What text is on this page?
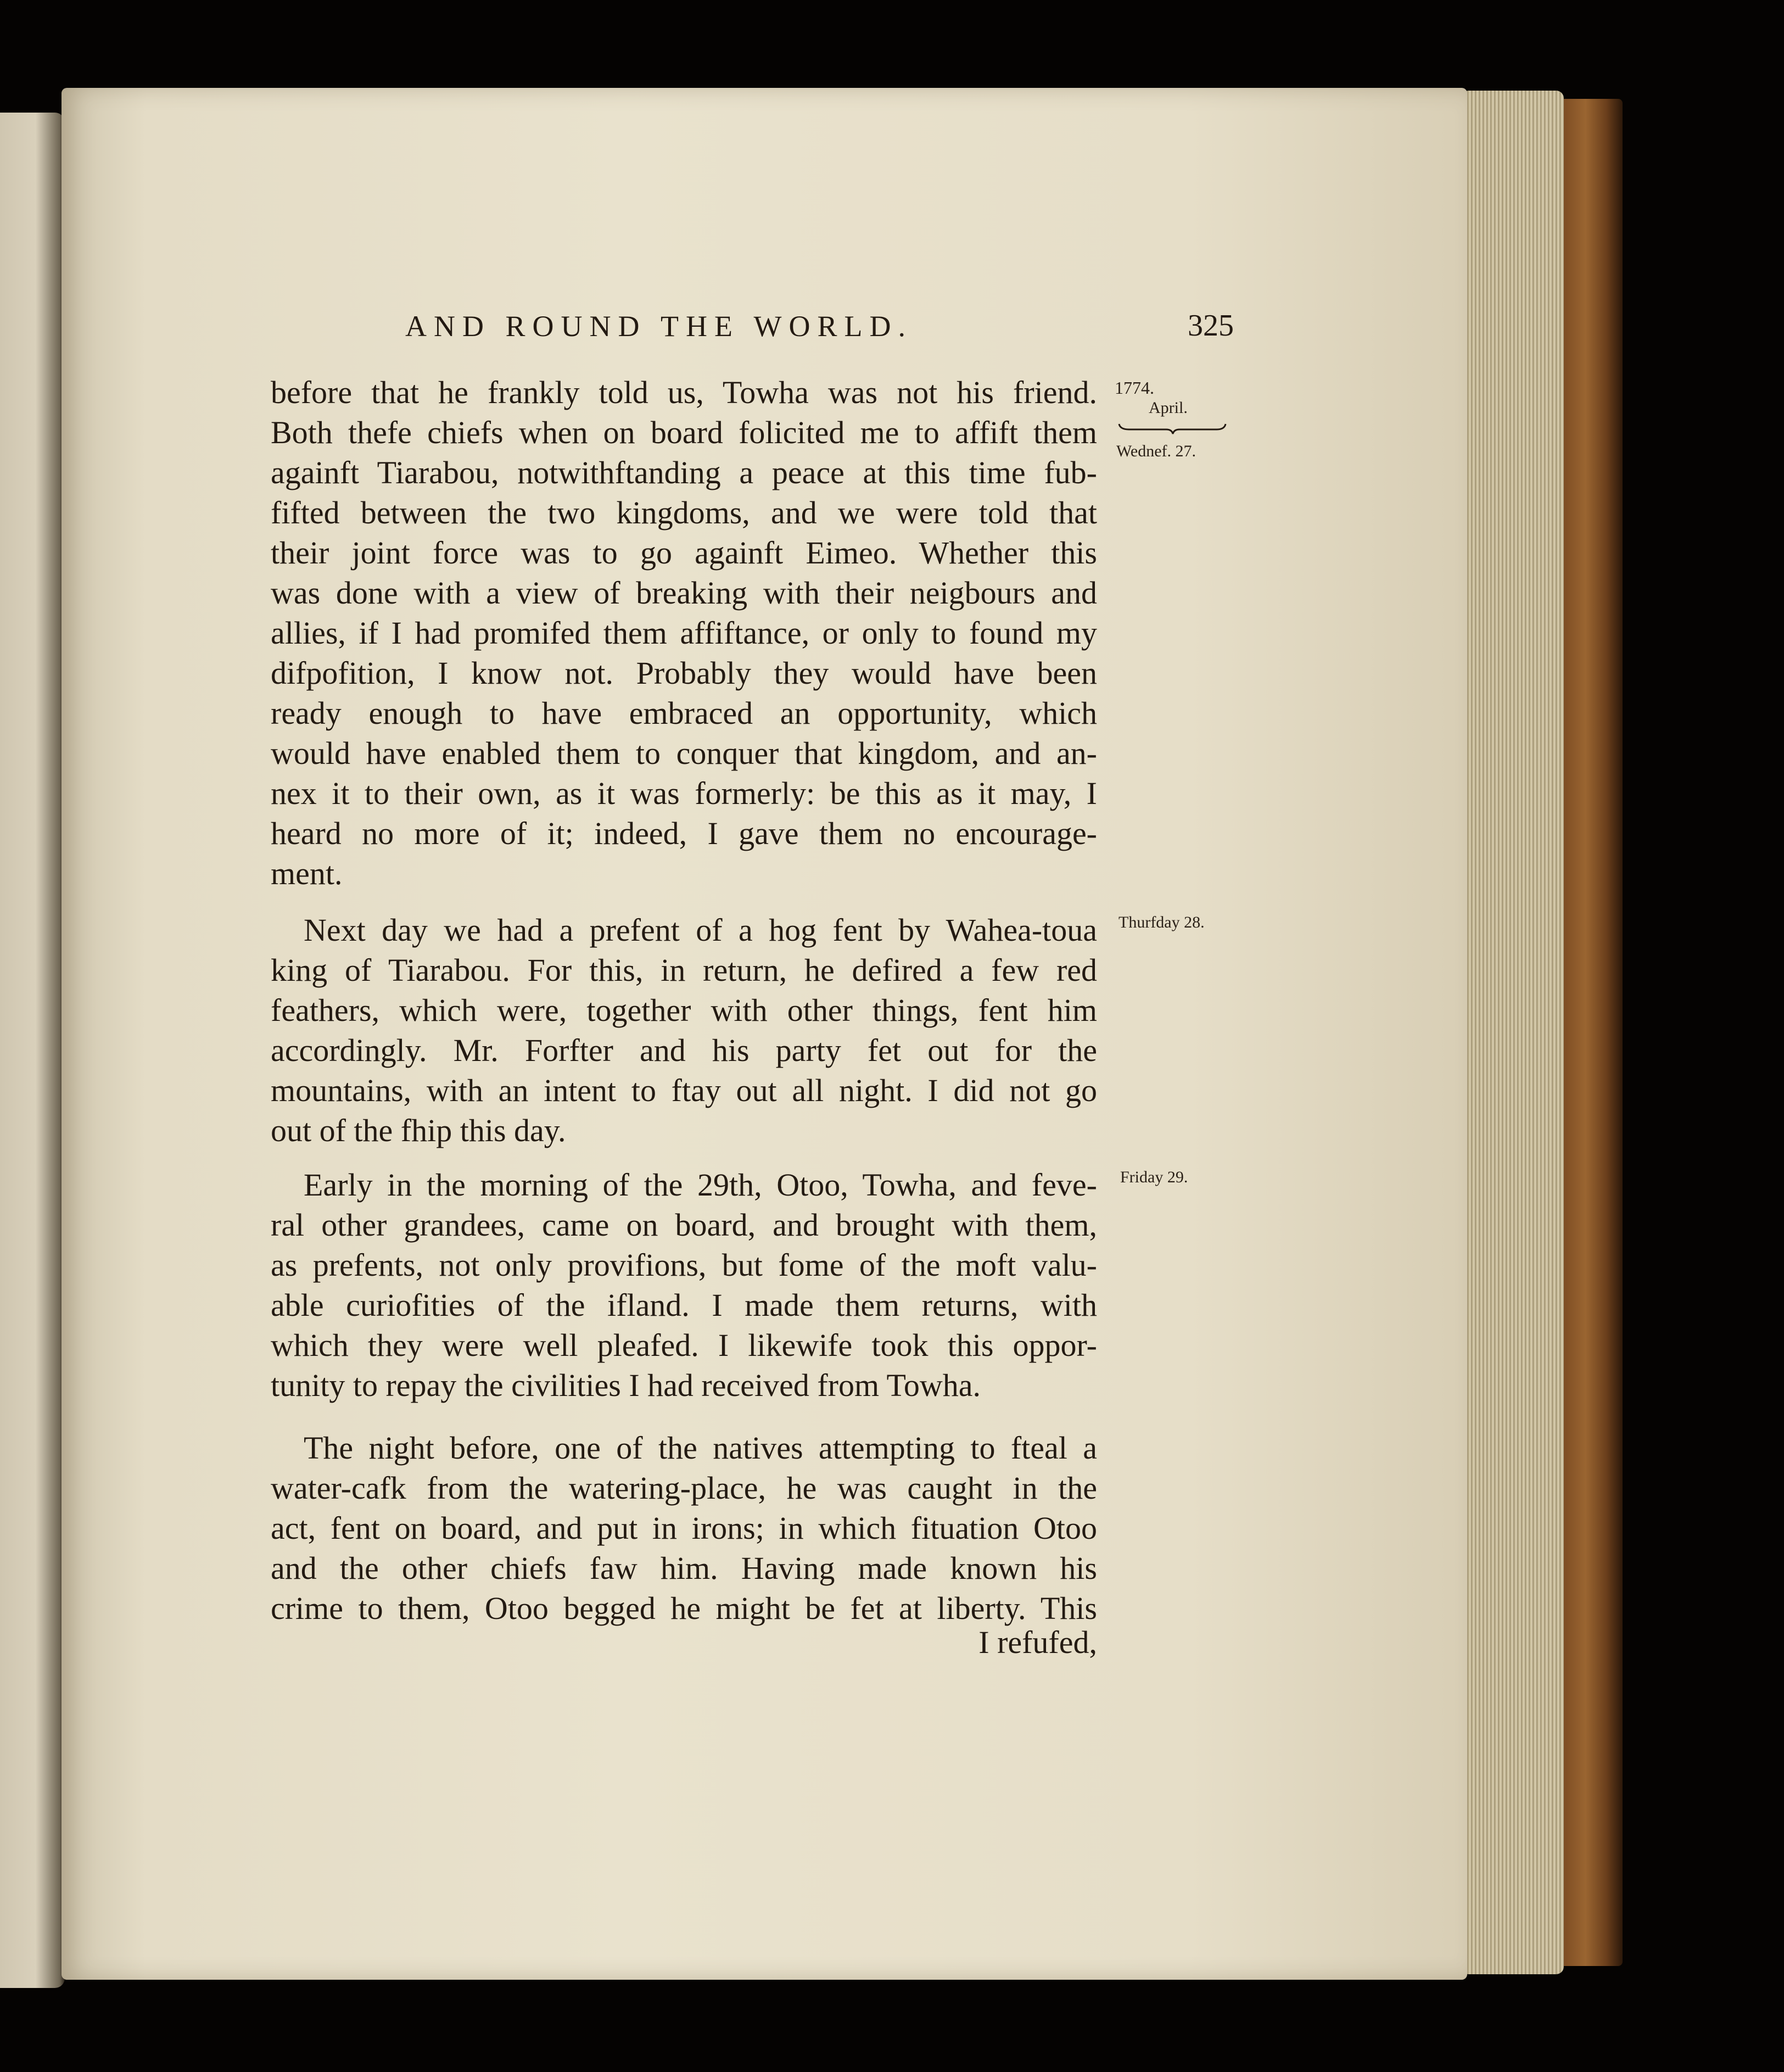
AND ROUND THE WORLD.	325
1774.
April.
Wednef. 27.
Thurfday 28.
Friday 29.
before that he frankly told us, Towha was not his friend.
Both thefe chiefs when on board folicited me to affift them
againft Tiarabou, notwithftanding a peace at this time fub-
fifted between the two kingdoms, and we were told that
their joint force was to go againft Eimeo. Whether this
was done with a view of breaking with their neigbours and
allies, if I had promifed them affiftance, or only to found my
difpofition, I know not. Probably they would have been
ready enough to have embraced an opportunity, which
would have enabled them to conquer that kingdom, and an-
nex it to their own, as it was formerly: be this as it may, I
heard no more of it; indeed, I gave them no encourage-
ment.
Next day we had a prefent of a hog fent by Wahea-toua
king of Tiarabou. For this, in return, he defired a few red
feathers, which were, together with other things, fent him
accordingly. Mr. Forfter and his party fet out for the
mountains, with an intent to ftay out all night. I did not go
out of the fhip this day.
Early in the morning of the 29th, Otoo, Towha, and feve-
ral other grandees, came on board, and brought with them,
as prefents, not only provifions, but fome of the moft valu-
able curiofities of the ifland. I made them returns, with
which they were well pleafed. I likewife took this oppor-
tunity to repay the civilities I had received from Towha.
The night before, one of the natives attempting to fteal a
water-cafk from the watering-place, he was caught in the
act, fent on board, and put in irons; in which fituation Otoo
and the other chiefs faw him. Having made known his
crime to them, Otoo begged he might be fet at liberty. This
I refufed,
